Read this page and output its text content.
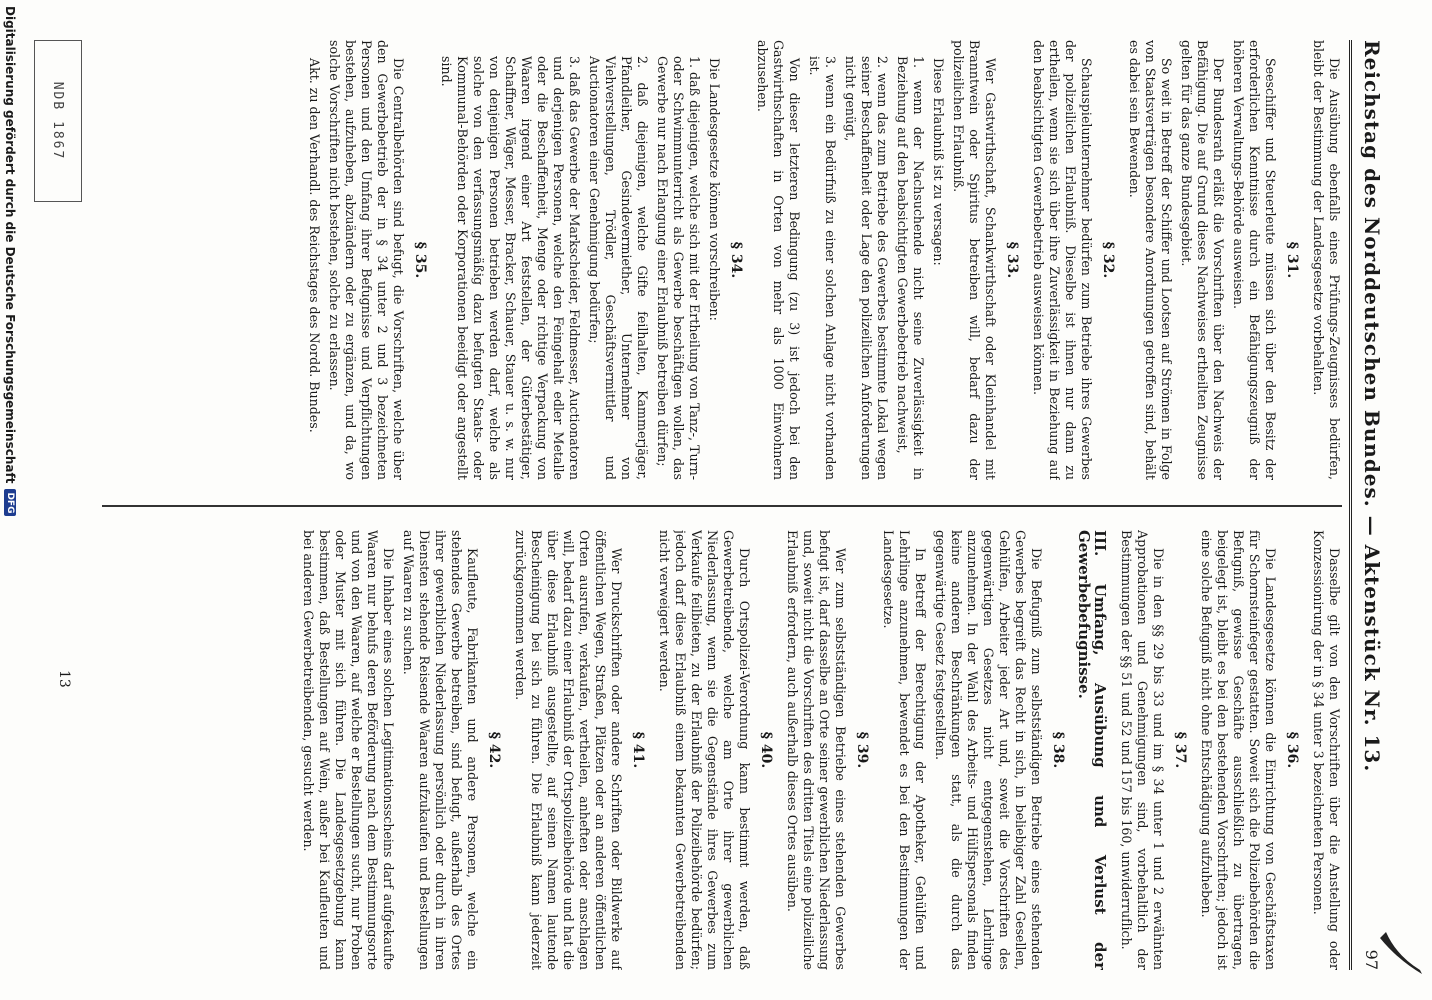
Reichstag des Norddeutschen Bundes. — Aktenstück Nr. 13.
97

Die Ausübung ebenfalls eines Prüfungs-Zeugnisses bedürfen, bleibt der Bestimmung der Landesgesetze vorbehalten.

§ 31.

Seeschiffer und Steuerleute müssen sich über den Besitz der erforderlichen Kenntnisse durch ein Befähigungszeugniß der höheren Verwaltungs-Behörde ausweisen.

Der Bundesrath erläßt die Vorschriften über den Nachweis der Befähigung. Die auf Grund dieses Nachweises ertheilten Zeugnisse gelten für das ganze Bundesgebiet.

So weit in Betreff der Schiffer und Lootsen auf Strömen in Folge von Staatsverträgen besondere Anordnungen getroffen sind, behält es dabei sein Bewenden.

§ 32.

Schauspielunternehmer bedürfen zum Betriebe ihres Gewerbes der polizeilichen Erlaubniß. Dieselbe ist ihnen nur dann zu ertheilen, wenn sie sich über ihre Zuverlässigkeit in Beziehung auf den beabsichtigten Gewerbebetrieb ausweisen können.

§ 33.

Wer Gastwirthschaft, Schankwirthschaft oder Kleinhandel mit Branntwein oder Spiritus betreiben will, bedarf dazu der polizeilichen Erlaubniß.

Diese Erlaubniß ist zu versagen:

1. wenn der Nachsuchende nicht seine Zuverlässigkeit in Beziehung auf den beabsichtigten Gewerbebetrieb nachweist,

2. wenn das zum Betriebe des Gewerbes bestimmte Lokal wegen seiner Beschaffenheit oder Lage den polizeilichen Anforderungen nicht genügt,

3. wenn ein Bedürfniß zu einer solchen Anlage nicht vorhanden ist.

Von dieser letzteren Bedingung (zu 3) ist jedoch bei den Gastwirthschaften in Orten von mehr als 1000 Einwohnern abzusehen.

§ 34.

Die Landesgesetze können vorschreiben:

1. daß diejenigen, welche sich mit der Ertheilung von Tanz-, Turn- oder Schwimmunterricht als Gewerbe beschäftigen wollen, das Gewerbe nur nach Erlangung einer Erlaubniß betreiben dürfen;

2. daß diejenigen, welche Gifte feilhalten, Kammerjäger, Pfandleiher, Gesindevermiether, Unternehmer von Viehverstellungen, Trödler, Geschäftsvermittler und Auctionatoren einer Genehmigung bedürfen;

3. daß das Gewerbe der Markscheider, Feldmesser, Auctionatoren und derjenigen Personen, welche den Feingehalt edler Metalle oder die Beschaffenheit, Menge oder richtige Verpackung von Waaren irgend einer Art feststellen, der Güterbestätiger, Schaffner, Wäger, Messer, Bracker, Schauer, Stauer u. s. w. nur von denjenigen Personen betrieben werden darf, welche als solche von den verfassungsmäßig dazu befugten Staats- oder Kommunal-Behörden oder Korporationen beeidigt oder angestellt sind.

§ 35.

Die Centralbehörden sind befugt, die Vorschriften, welche über den Gewerbebetrieb der in § 34 unter 2 und 3 bezeichneten Personen und den Umfang ihrer Befugnisse und Verpflichtungen bestehen, aufzuheben, abzuändern oder zu ergänzen, und da, wo solche Vorschriften nicht bestehen, solche zu erlassen.

Akt. zu den Verhandl. des Reichstages des Nordd. Bundes.

Dasselbe gilt von den Vorschriften über die Anstellung oder Konzessionirung der in § 34 unter 3 bezeichneten Personen.

§ 36.

Die Landesgesetze können die Einrichtung von Geschäftstaxen für Schornsteinfeger gestatten. Soweit sich die Polizeibehörden die Befugniß, gewisse Geschäfte ausschließlich zu übertragen, beigelegt ist, bleibt es bei den bestehenden Vorschriften; jedoch ist eine solche Befugniß nicht ohne Entschädigung aufzuheben.

§ 37.

Die in den §§ 29 bis 33 und im § 34 unter 1 und 2 erwähnten Approbationen und Genehmigungen sind, vorbehaltlich der Bestimmungen der §§ 51 und 52 und 157 bis 160, unwiderruflich.

III. Umfang, Ausübung und Verlust der Gewerbebefugnisse.
§ 38.

Die Befugniß zum selbstständigen Betriebe eines stehenden Gewerbes begreift das Recht in sich, in beliebiger Zahl Gesellen, Gehülfen, Arbeiter jeder Art und, soweit die Vorschriften des gegenwärtigen Gesetzes nicht entgegenstehen, Lehrlinge anzunehmen. In der Wahl des Arbeits- und Hülfspersonals finden keine anderen Beschränkungen statt, als die durch das gegenwärtige Gesetz festgestellten.

In Betreff der Berechtigung der Apotheker, Gehülfen und Lehrlinge anzunehmen, bewendet es bei den Bestimmungen der Landesgesetze.

§ 39.

Wer zum selbstständigen Betriebe eines stehenden Gewerbes befugt ist, darf dasselbe an Orte seiner gewerblichen Niederlassung und, soweit nicht die Vorschriften des dritten Titels eine polizeiliche Erlaubniß erfordern, auch außerhalb dieses Ortes ausüben.

§ 40.

Durch Ortspolizei-Verordnung kann bestimmt werden, daß Gewerbetreibende, welche am Orte ihrer gewerblichen Niederlassung, wenn sie die Gegenstände ihres Gewerbes zum Verkaufe feilbieten, zu der Erlaubniß der Polizeibehörde bedürfen; jedoch darf diese Erlaubniß einem bekannten Gewerbetreibenden nicht verweigert werden.

§ 41.

Wer Druckschriften oder andere Schriften oder Bildwerke auf öffentlichen Wegen, Straßen, Plätzen oder an anderen öffentlichen Orten ausrufen, verkaufen, vertheilen, anheften oder anschlagen will, bedarf dazu einer Erlaubniß der Ortspolizeibehörde und hat die über diese Erlaubniß ausgestellte, auf seinen Namen lautende Bescheinigung bei sich zu führen. Die Erlaubniß kann jederzeit zurückgenommen werden.

§ 42.

Kaufleute, Fabrikanten und andere Personen, welche ein stehendes Gewerbe betreiben, sind befugt, außerhalb des Ortes ihrer gewerblichen Niederlassung persönlich oder durch in ihren Diensten stehende Reisende Waaren aufzukaufen und Bestellungen auf Waaren zu suchen.

Die Inhaber eines solchen Legitimationsscheins darf aufgekaufte Waaren nur behufs deren Beförderung nach dem Bestimmungsorte und von den Waaren, auf welche er Bestellungen sucht, nur Proben oder Muster mit sich führen. Die Landesgesetzgebung kann bestimmen, daß Bestellungen auf Wein, außer bei Kaufleuten und bei anderen Gewerbetreibenden, gesucht werden.

NDB 1867
13
Digitalisierung gefördert durch die Deutsche Forschungsgemeinschaft
DFG
